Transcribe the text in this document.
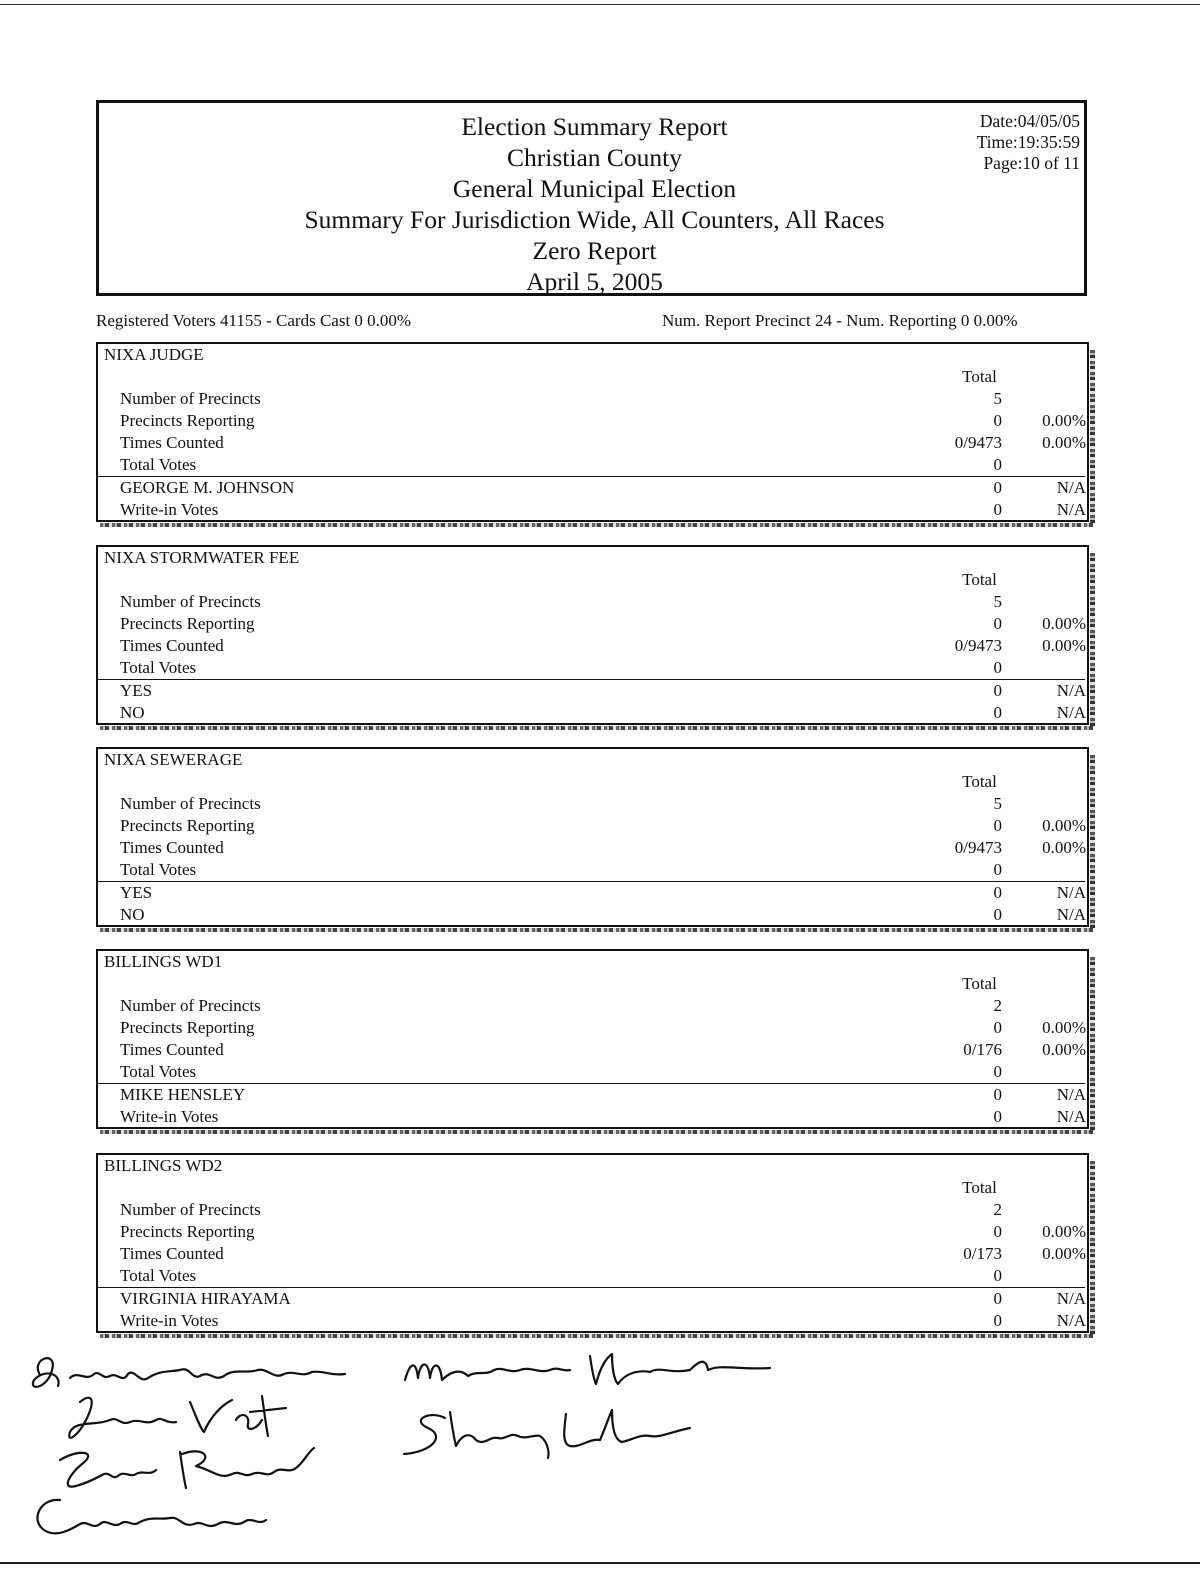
Election Summary Report
Christian County
General Municipal Election
Summary For Jurisdiction Wide, All Counters, All Races
Zero Report
April 5, 2005
Date:04/05/05
Time:19:35:59
Page:10 of 11
Registered Voters 41155 - Cards Cast 0 0.00%	Num. Report Precinct 24 - Num. Reporting 0 0.00%
NIXA JUDGE
Total
Number of Precincts	5
Precincts Reporting	0 0.00%
Times Counted	0/9473 0.00%
Total Votes	0
GEORGE M. JOHNSON	0	N/A
Write-in Votes	0	N/A
NIXA STORMWATER FEE
Total
Number of Precincts	5
Precincts Reporting	0 0.00%
Times Counted	0/9473 0.00%
Total Votes	0
YES	0	N/A
NO	0	N/A
NIXA SEWERAGE
Total
Number of Precincts	5
Precincts Reporting	0 0.00%
Times Counted	0/9473 0.00%
Total Votes	0
YES	0	N/A
NO	0	N/A
BILLINGS WD1
Total
Number of Precincts	2
Precincts Reporting	0 0.00%
Times Counted	0/176 0.00%
Total Votes	0
MIKE HENSLEY	0	N/A
Write-in Votes	0	N/A
BILLINGS WD2
Total
Number of Precincts	2
Precincts Reporting	0 0.00%
Times Counted	0/173 0.00%
Total Votes	0
VIRGINIA HIRAYAMA	0	N/A
Write-in Votes	0	N/A
